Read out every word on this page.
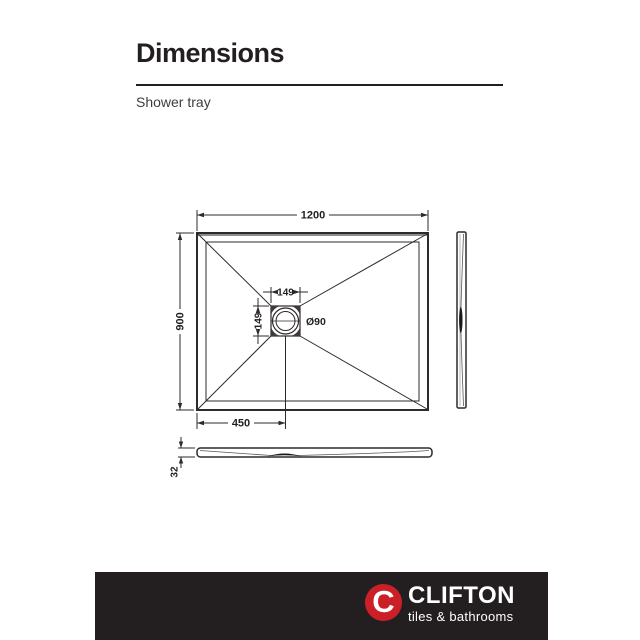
Dimensions
Shower tray
1200
900
450
149
149	Ø90
32
C CLIFTON
tiles & bathrooms
